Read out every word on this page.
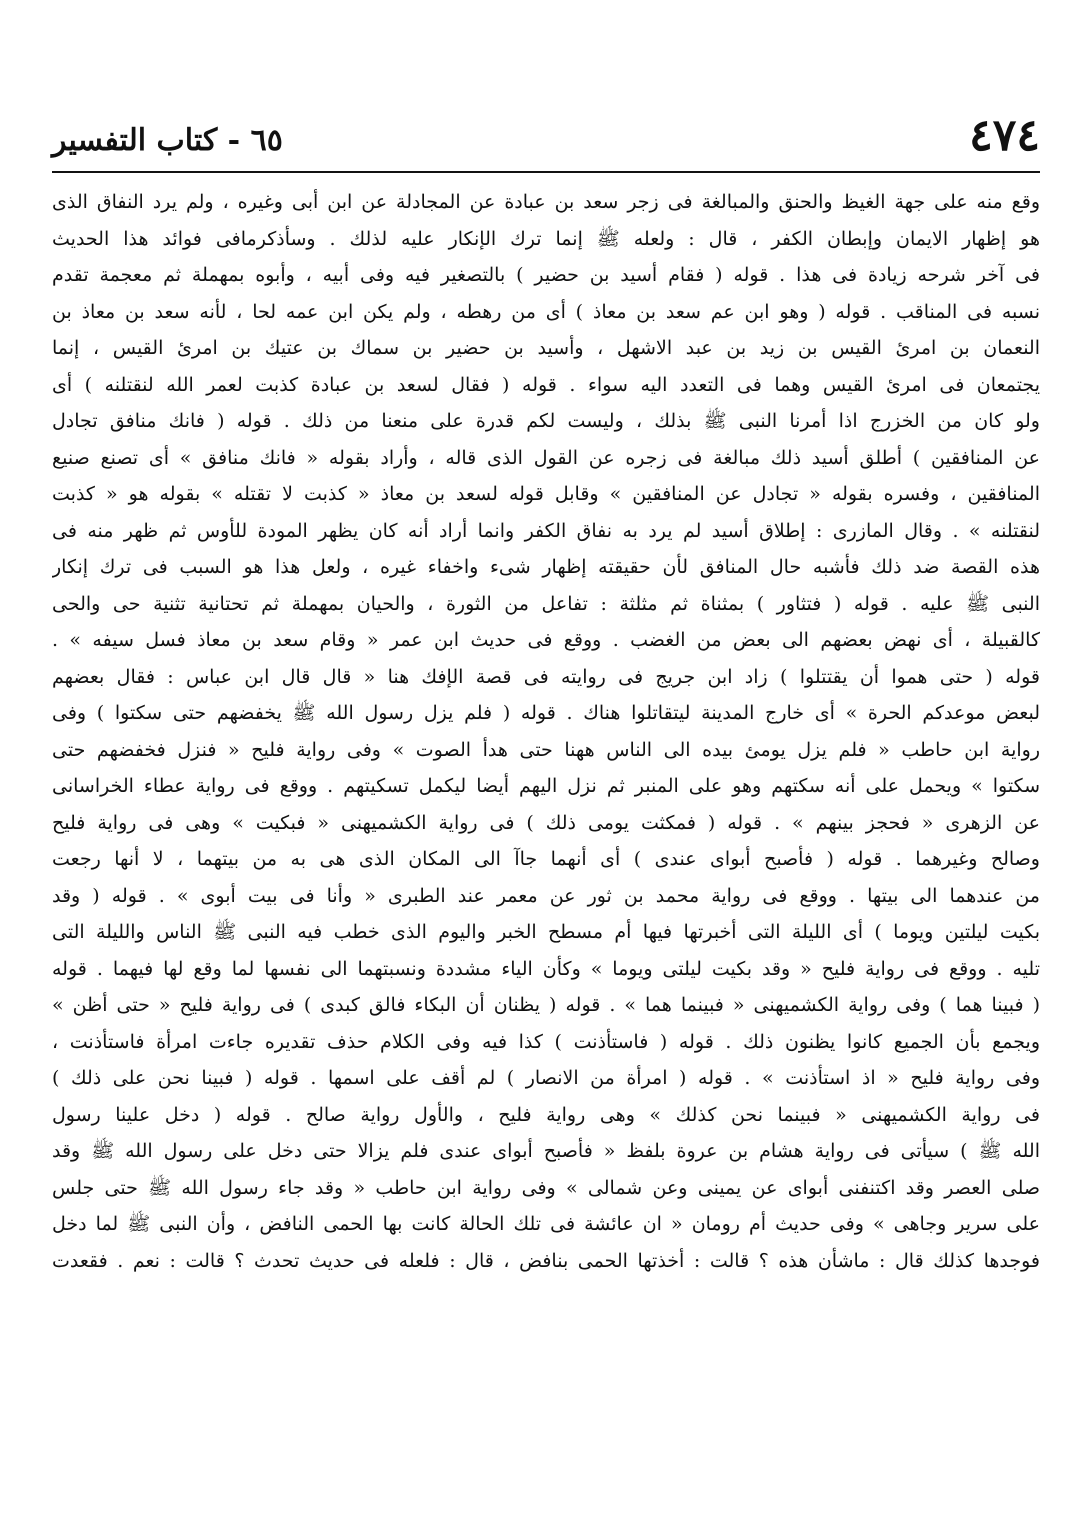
٦٥ - كتاب التفسير	٤٧٤
وقع منه على جهة الغيظ والحنق والمبالغة فى زجر سعد بن عبادة عن المجادلة عن ابن أبى وغيره ، ولم يرد النفاق الذى
هو إظهار الايمان وإبطان الكفر ، قال : ولعله ﷺ إنما ترك الإنكار عليه لذلك . وسأذكرمافى فوائد هذا الحديث
فى آخر شرحه زيادة فى هذا . قوله ( فقام أسيد بن حضير ) بالتصغير فيه وفى أبيه ، وأبوه بمهملة ثم معجمة تقدم
نسبه فى المناقب . قوله ( وهو ابن عم سعد بن معاذ ) أى من رهطه ، ولم يكن ابن عمه لحا ، لأنه سعد بن معاذ بن
النعمان بن امرئ القيس بن زيد بن عبد الاشهل ، وأسيد بن حضير بن سماك بن عتيك بن امرئ القيس ، إنما
يجتمعان فى امرئ القيس وهما فى التعدد اليه سواء . قوله ( فقال لسعد بن عبادة كذبت لعمر الله لنقتلنه ) أى
ولو كان من الخزرج اذا أمرنا النبى ﷺ بذلك ، وليست لكم قدرة على منعنا من ذلك . قوله ( فانك منافق تجادل
عن المنافقين ) أطلق أسيد ذلك مبالغة فى زجره عن القول الذى قاله ، وأراد بقوله « فانك منافق » أى تصنع صنيع
المنافقين ، وفسره بقوله « تجادل عن المنافقين » وقابل قوله لسعد بن معاذ « كذبت لا تقتله » بقوله هو « كذبت
لنقتلنه » . وقال المازرى : إطلاق أسيد لم يرد به نفاق الكفر وانما أراد أنه كان يظهر المودة للأوس ثم ظهر منه فى
هذه القصة ضد ذلك فأشبه حال المنافق لأن حقيقته إظهار شىء واخفاء غيره ، ولعل هذا هو السبب فى ترك إنكار
النبى ﷺ عليه . قوله ( فتثاور ) بمثناة ثم مثلثة : تفاعل من الثورة ، والحيان بمهملة ثم تحتانية تثنية حى والحى
كالقبيلة ، أى نهض بعضهم الى بعض من الغضب . ووقع فى حديث ابن عمر « وقام سعد بن معاذ فسل سيفه » .
قوله ( حتى هموا أن يقتتلوا ) زاد ابن جريج فى روايته فى قصة الإفك هنا « قال قال ابن عباس : فقال بعضهم
لبعض موعدكم الحرة » أى خارج المدينة ليتقاتلوا هناك . قوله ( فلم يزل رسول الله ﷺ يخفضهم حتى سكتوا ) وفى
رواية ابن حاطب « فلم يزل يومئ بيده الى الناس ههنا حتى هدأ الصوت » وفى رواية فليح « فنزل فخفضهم حتى
سكتوا » ويحمل على أنه سكتهم وهو على المنبر ثم نزل اليهم أيضا ليكمل تسكيتهم . ووقع فى رواية عطاء الخراسانى
عن الزهرى « فحجز بينهم » . قوله ( فمكثت يومى ذلك ) فى رواية الكشميهنى « فبكيت » وهى فى رواية فليح
وصالح وغيرهما . قوله ( فأصبح أبواى عندى ) أى أنهما جاآ الى المكان الذى هى به من بيتهما ، لا أنها رجعت
من عندهما الى بيتها . ووقع فى رواية محمد بن ثور عن معمر عند الطبرى « وأنا فى بيت أبوى » . قوله ( وقد
بكيت ليلتين ويوما ) أى الليلة التى أخبرتها فيها أم مسطح الخبر واليوم الذى خطب فيه النبى ﷺ الناس والليلة التى
تليه . ووقع فى رواية فليح « وقد بكيت ليلتى ويوما » وكأن الياء مشددة ونسبتهما الى نفسها لما وقع لها فيهما . قوله
( فبينا هما ) وفى رواية الكشميهنى « فبينما هما » . قوله ( يظنان أن البكاء فالق كبدى ) فى رواية فليح « حتى أظن »
ويجمع بأن الجميع كانوا يظنون ذلك . قوله ( فاستأذنت ) كذا فيه وفى الكلام حذف تقديره جاءت امرأة فاستأذنت ،
وفى رواية فليح « اذ استأذنت » . قوله ( امرأة من الانصار ) لم أقف على اسمها . قوله ( فبينا نحن على ذلك )
فى رواية الكشميهنى « فبينما نحن كذلك » وهى رواية فليح ، والأول رواية صالح . قوله ( دخل علينا رسول
الله ﷺ ) سيأتى فى رواية هشام بن عروة بلفظ « فأصبح أبواى عندى فلم يزالا حتى دخل على رسول الله ﷺ وقد
صلى العصر وقد اكتنفنى أبواى عن يمينى وعن شمالى » وفى رواية ابن حاطب « وقد جاء رسول الله ﷺ حتى جلس
على سرير وجاهى » وفى حديث أم رومان « ان عائشة فى تلك الحالة كانت بها الحمى النافض ، وأن النبى ﷺ لما دخل
فوجدها كذلك قال : ماشأن هذه ؟ قالت : أخذتها الحمى بنافض ، قال : فلعله فى حديث تحدث ؟ قالت : نعم . فقعدت
